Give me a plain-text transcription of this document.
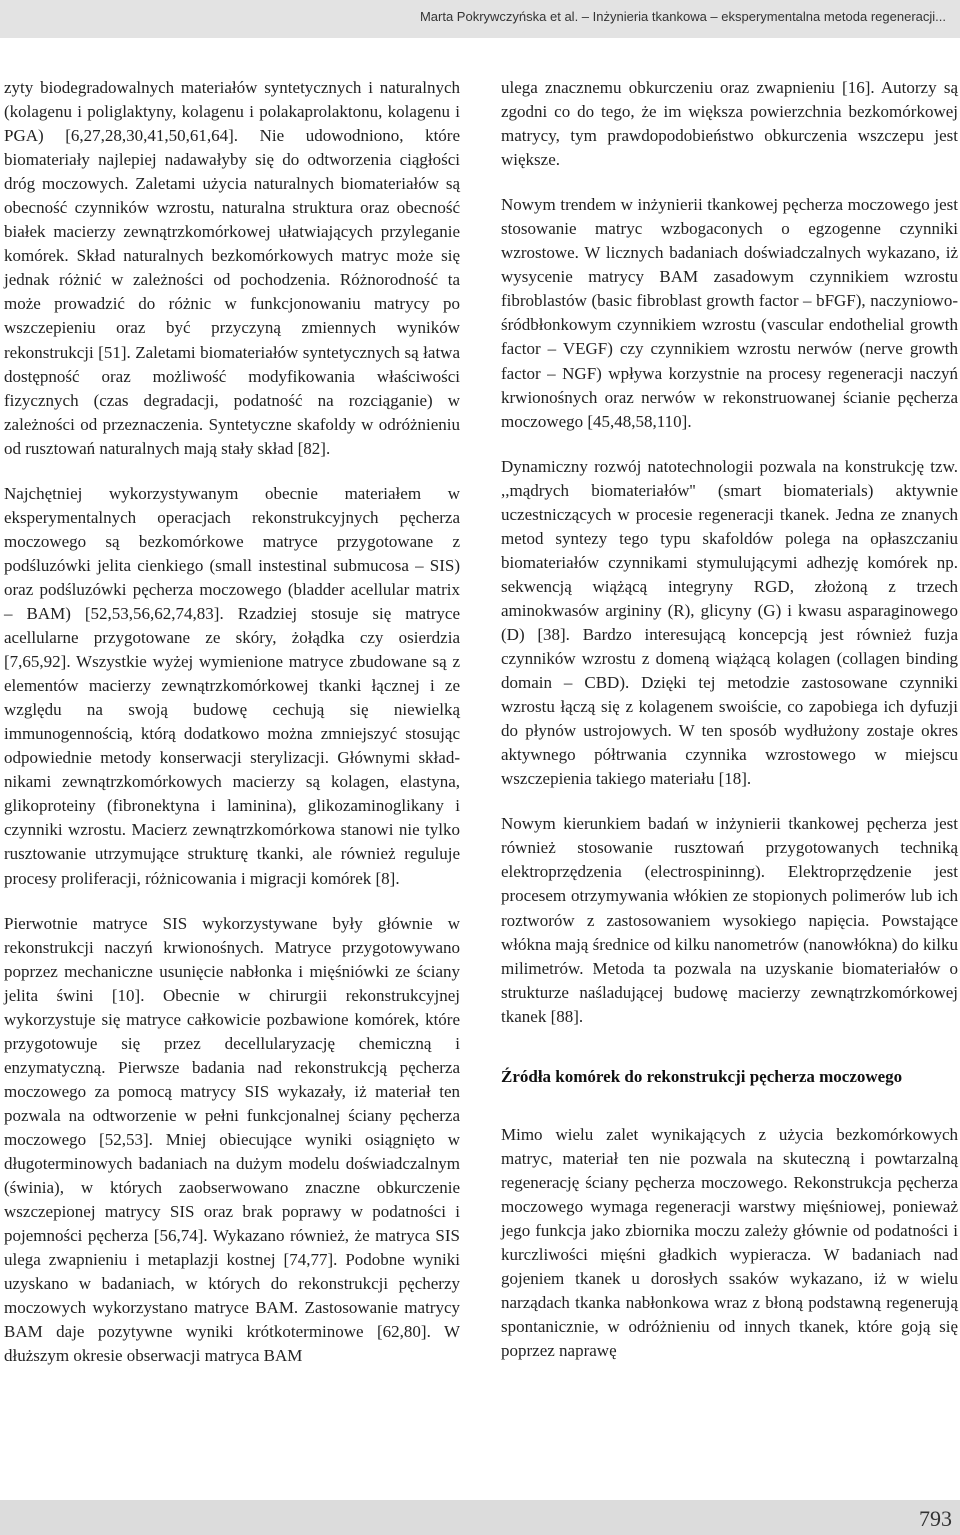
Marta Pokrywczyńska et al. – Inżynieria tkankowa – eksperymentalna metoda regeneracji...

zyty biodegradowalnych materiałów syntetycznych i naturalnych (kolagenu i poliglaktyny, kolagenu i polakaprolaktonu, kolagenu i PGA) [6,27,28,30,41,50,61,64]. Nie udowodniono, które biomateriały najlepiej nadawałyby się do odtworzenia ciągłości dróg moczowych. Zaletami użycia naturalnych biomateriałów są obecność czynników wzrostu, naturalna struktura oraz obecność białek macierzy zewnątrzkomórkowej ułatwiających przyleganie komórek. Skład naturalnych bezkomórkowych matryc może się jednak różnić w zależności od pochodzenia. Różnorodność ta może prowadzić do różnic w funkcjonowaniu matrycy po wszczepieniu oraz być przyczyną zmiennych wyników rekonstrukcji [51]. Zaletami biomateriałów syntetycznych są łatwa dostępność oraz możliwość modyfikowania właściwości fizycznych (czas degradacji, podatność na rozciąganie) w zależności od przeznaczenia. Syntetyczne skafoldy w odróżnieniu od rusztowań naturalnych mają stały skład [82].

Najchętniej wykorzystywanym obecnie materiałem w eksperymentalnych operacjach rekonstrukcyjnych pęcherza moczowego są bezkomórkowe matryce przygotowane z podśluzówki jelita cienkiego (small instestinal submucosa – SIS) oraz podśluzówki pęcherza moczowego (bladder acellular matrix – BAM) [52,53,56,62,74,83]. Rzadziej stosuje się matryce acellularne przygotowane ze skóry, żołądka czy osierdzia [7,65,92]. Wszystkie wyżej wymienione matryce zbudowane są z elementów macierzy zewnątrzkomórkowej tkanki łącznej i ze względu na swoją budowę cechują się niewielką immunogennością, którą dodatkowo można zmniejszyć stosując odpowiednie metody konserwacji sterylizacji. Głównymi składnikami zewnątrzkomórkowych macierzy są kolagen, elastyna, glikoproteiny (fibronektyna i laminina), glikozaminoglikany i czynniki wzrostu. Macierz zewnątrzkomórkowa stanowi nie tylko rusztowanie utrzymujące strukturę tkanki, ale również reguluje procesy proliferacji, różnicowania i migracji komórek [8].

Pierwotnie matryce SIS wykorzystywane były głównie w rekonstrukcji naczyń krwionośnych. Matryce przygotowywano poprzez mechaniczne usunięcie nabłonka i mięśniówki ze ściany jelita świni [10]. Obecnie w chirurgii rekonstrukcyjnej wykorzystuje się matryce całkowicie pozbawione komórek, które przygotowuje się przez decellularyzację chemiczną i enzymatyczną. Pierwsze badania nad rekonstrukcją pęcherza moczowego za pomocą matrycy SIS wykazały, iż materiał ten pozwala na odtworzenie w pełni funkcjonalnej ściany pęcherza moczowego [52,53]. Mniej obiecujące wyniki osiągnięto w długoterminowych badaniach na dużym modelu doświadczalnym (świnia), w których zaobserwowano znaczne obkurczenie wszczepionej matrycy SIS oraz brak poprawy w podatności i pojemności pęcherza [56,74]. Wykazano również, że matryca SIS ulega zwapnieniu i metaplazji kostnej [74,77]. Podobne wyniki uzyskano w badaniach, w których do rekonstrukcji pęcherzy moczowych wykorzystano matryce BAM. Zastosowanie matrycy BAM daje pozytywne wyniki krótkoterminowe [62,80]. W dłuższym okresie obserwacji matryca BAM

ulega znacznemu obkurczeniu oraz zwapnieniu [16]. Autorzy są zgodni co do tego, że im większa powierzchnia bezkomórkowej matrycy, tym prawdopodobieństwo obkurczenia wszczepu jest większe.

Nowym trendem w inżynierii tkankowej pęcherza moczowego jest stosowanie matryc wzbogaconych o egzogenne czynniki wzrostowe. W licznych badaniach doświadczalnych wykazano, iż wysycenie matrycy BAM zasadowym czynnikiem wzrostu fibroblastów (basic fibroblast growth factor – bFGF), naczyniowo-śródbłonkowym czynnikiem wzrostu (vascular endothelial growth factor – VEGF) czy czynnikiem wzrostu nerwów (nerve growth factor – NGF) wpływa korzystnie na procesy regeneracji naczyń krwionośnych oraz nerwów w rekonstruowanej ścianie pęcherza moczowego [45,48,58,110].

Dynamiczny rozwój natotechnologii pozwala na konstrukcję tzw. ,,mądrych biomateriałów'' (smart biomaterials) aktywnie uczestniczących w procesie regeneracji tkanek. Jedna ze znanych metod syntezy tego typu skafoldów polega na opłaszczaniu biomateriałów czynnikami stymulującymi adhezję komórek np. sekwencją wiążącą integryny RGD, złożoną z trzech aminokwasów argininy (R), glicyny (G) i kwasu asparaginowego (D) [38]. Bardzo interesującą koncepcją jest również fuzja czynników wzrostu z domeną wiążącą kolagen (collagen binding domain – CBD). Dzięki tej metodzie zastosowane czynniki wzrostu łączą się z kolagenem swoiście, co zapobiega ich dyfuzji do płynów ustrojowych. W ten sposób wydłużony zostaje okres aktywnego półtrwania czynnika wzrostowego w miejscu wszczepienia takiego materiału [18].

Nowym kierunkiem badań w inżynierii tkankowej pęcherza jest również stosowanie rusztowań przygotowanych techniką elektroprzędzenia (electrospininng). Elektroprzędzenie jest procesem otrzymywania włókien ze stopionych polimerów lub ich roztworów z zastosowaniem wysokiego napięcia. Powstające włókna mają średnice od kilku nanometrów (nanowłókna) do kilku milimetrów. Metoda ta pozwala na uzyskanie biomateriałów o strukturze naśladującej budowę macierzy zewnątrzkomórkowej tkanek [88].

Źródła komórek do rekonstrukcji pęcherza moczowego

Mimo wielu zalet wynikających z użycia bezkomórkowych matryc, materiał ten nie pozwala na skuteczną i powtarzalną regenerację ściany pęcherza moczowego. Rekonstrukcja pęcherza moczowego wymaga regeneracji warstwy mięśniowej, ponieważ jego funkcja jako zbiornika moczu zależy głównie od podatności i kurczliwości mięśni gładkich wypieracza. W badaniach nad gojeniem tkanek u dorosłych ssaków wykazano, iż w wielu narządach tkanka nabłonkowa wraz z błoną podstawną regenerują spontanicznie, w odróżnieniu od innych tkanek, które goją się poprzez naprawę

793
